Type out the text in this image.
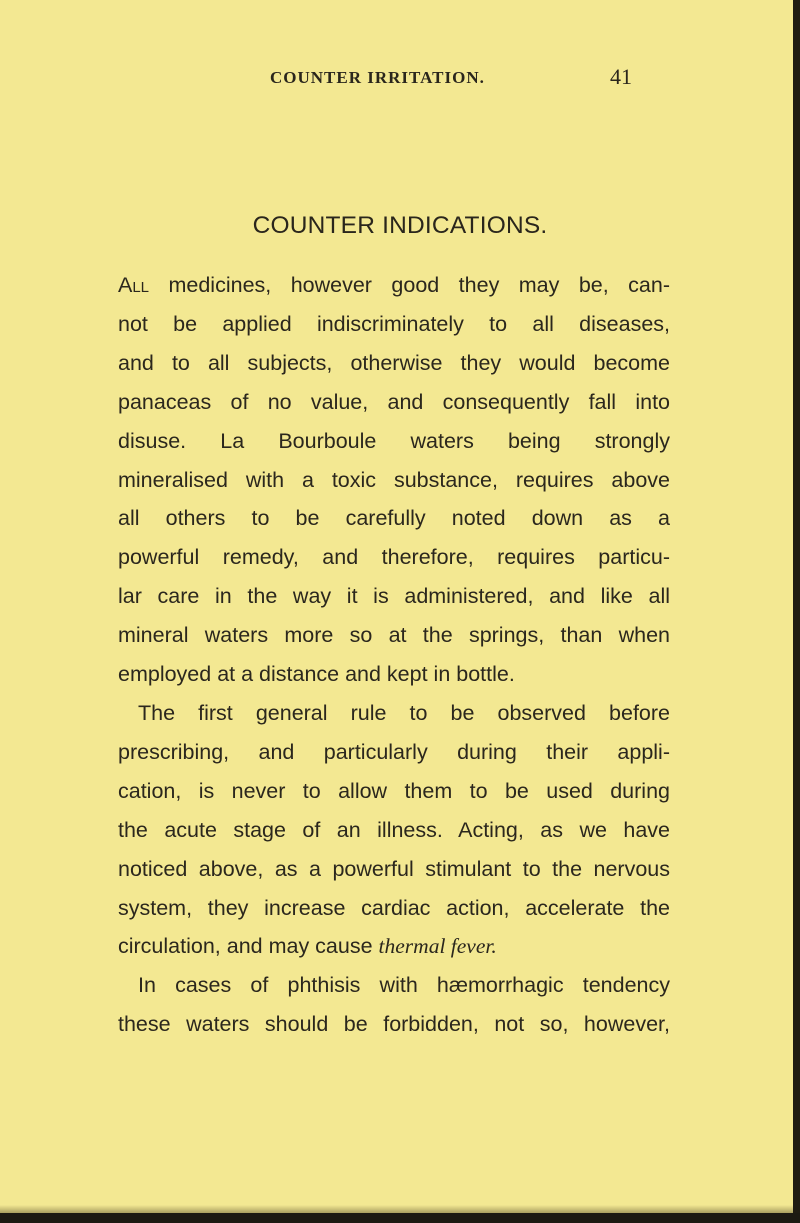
COUNTER IRRITATION.	41
COUNTER INDICATIONS.

All medicines, however good they may be, can-
not be applied indiscriminately to all diseases,
and to all subjects, otherwise they would become
panaceas of no value, and consequently fall into
disuse. La Bourboule waters being strongly
mineralised with a toxic substance, requires above
all others to be carefully noted down as a
powerful remedy, and therefore, requires particu-
lar care in the way it is administered, and like all
mineral waters more so at the springs, than when
employed at a distance and kept in bottle.

The first general rule to be observed before
prescribing, and particularly during their appli-
cation, is never to allow them to be used during
the acute stage of an illness. Acting, as we have
noticed above, as a powerful stimulant to the nervous
system, they increase cardiac action, accelerate the
circulation, and may cause thermal fever.

In cases of phthisis with hæmorrhagic tendency
these waters should be forbidden, not so, however,
